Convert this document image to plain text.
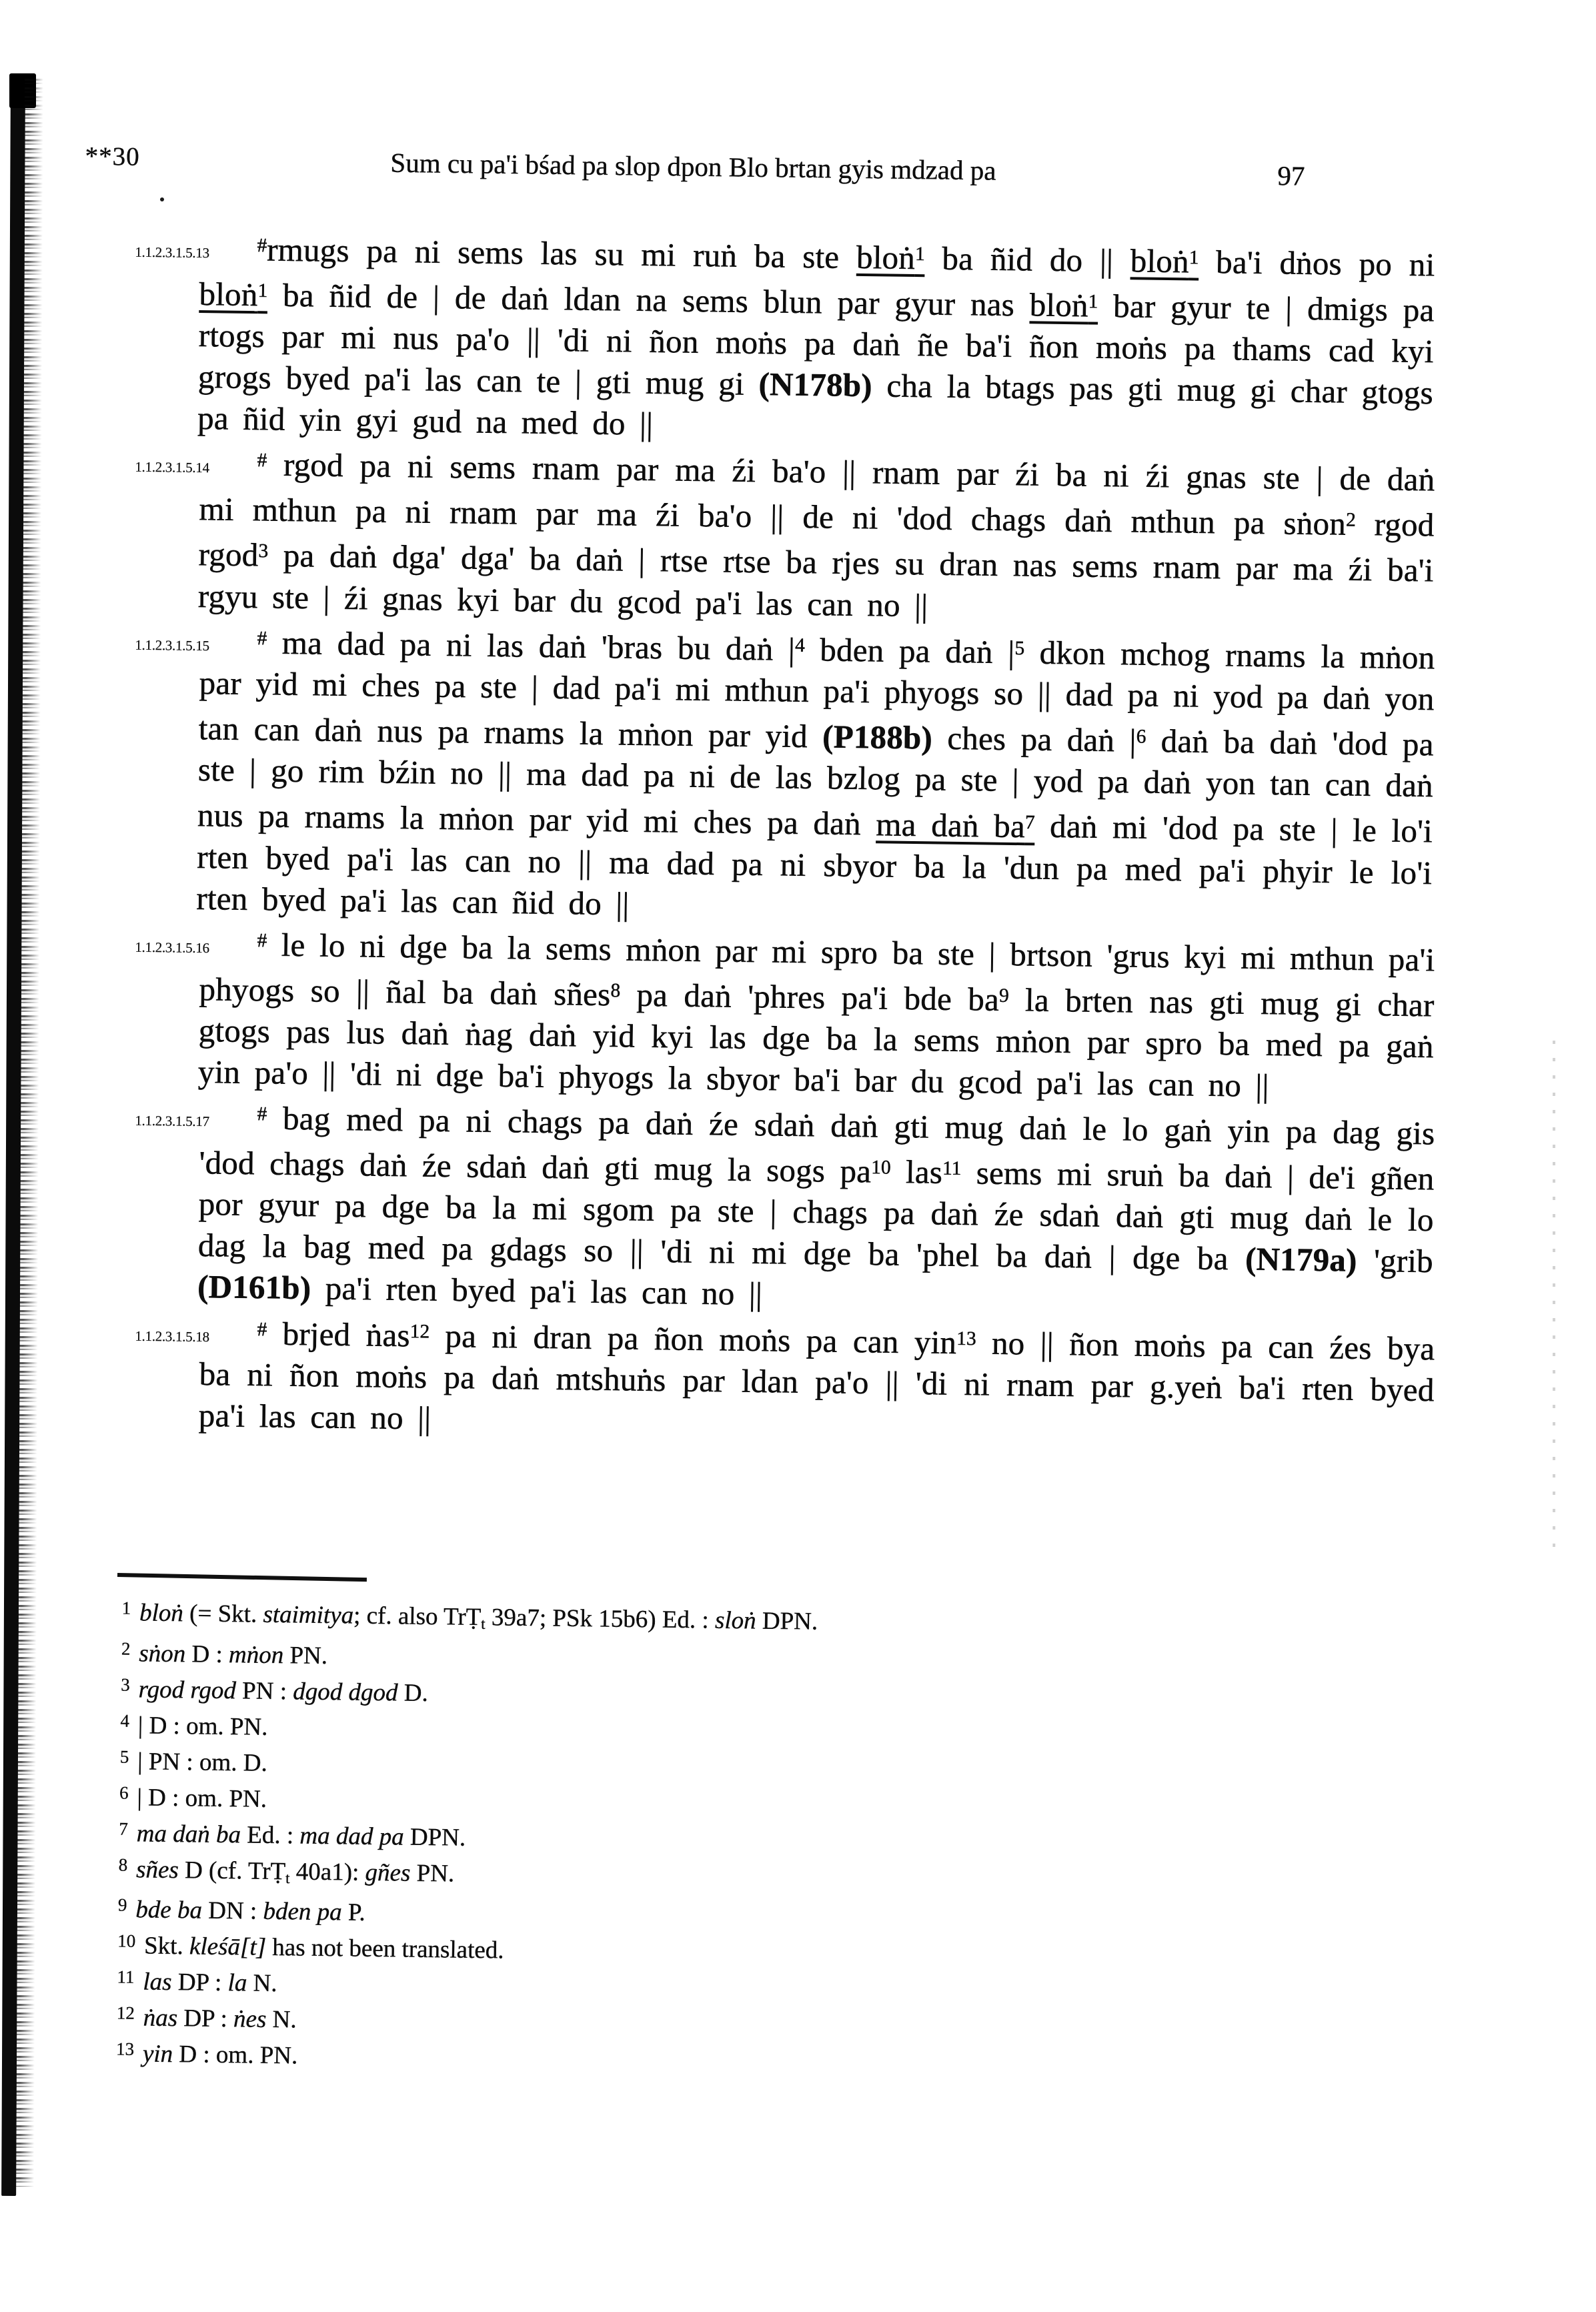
**30	Sum cu pa'i bśad pa slop dpon Blo brtan gyis mdzad pa	97
1.1.2.3.1.5.13 #rmugs pa ni sems las su mi ruṅ ba ste bloṅ$^1$ ba ñid do || bloṅ$^1$ ba'i dṅos po ni bloṅ$^1$ ba ñid de | de daṅ ldan na sems blun par gyur nas bloṅ$^1$ bar gyur te | dmigs pa rtogs par mi nus pa'o || 'di ni ñon moṅs pa daṅ ñe ba'i ñon moṅs pa thams cad kyi grogs byed pa'i las can te | gti mug gi (N178b) cha la btags pas gti mug gi char gtogs pa ñid yin gyi gud na med do ||
1.1.2.3.1.5.14 # rgod pa ni sems rnam par ma źi ba'o || rnam par źi ba ni źi gnas ste | de daṅ mi mthun pa ni rnam par ma źi ba'o || de ni 'dod chags daṅ mthun pa sṅon$^2$ rgod rgod$^3$ pa daṅ dga' dga' ba daṅ | rtse rtse ba rjes su dran nas sems rnam par ma źi ba'i rgyu ste | źi gnas kyi bar du gcod pa'i las can no ||
1.1.2.3.1.5.15 # ma dad pa ni las daṅ 'bras bu daṅ $|^4$ bden pa daṅ $|^5$ dkon mchog rnams la mṅon par yid mi ches pa ste | dad pa'i mi mthun pa'i phyogs so || dad pa ni yod pa daṅ yon tan can daṅ nus pa rnams la mṅon par yid (P188b) ches pa daṅ $|^6$ daṅ ba daṅ 'dod pa ste | go rim bźin no || ma dad pa ni de las bzlog pa ste | yod pa daṅ yon tan can daṅ nus pa rnams la mṅon par yid mi ches pa daṅ ma daṅ $ba^7$ daṅ mi 'dod pa ste | le lo'i rten byed pa'i las can no || ma dad pa ni sbyor ba la 'dun pa med pa'i phyir le lo'i rten byed pa'i las can ñid do ||
1.1.2.3.1.5.16 # le lo ni dge ba la sems mṅon par mi spro ba ste | brtson 'grus kyi mi mthun pa'i phyogs so || ñal ba daṅ sñes$^8$ pa daṅ 'phres pa'i bde $ba^9$ la brten nas gti mug gi char gtogs pas lus daṅ ṅag daṅ yid kyi las dge ba la sems mṅon par spro ba med pa gaṅ yin pa'o || 'di ni dge ba'i phyogs la sbyor ba'i bar du gcod pa'i las can no ||
1.1.2.3.1.5.17 # bag med pa ni chags pa daṅ źe sdaṅ daṅ gti mug daṅ le lo gaṅ yin pa dag gis 'dod chags daṅ źe sdaṅ daṅ gti mug la sogs $pa^{10}$ las$^{11}$ sems mi sruṅ ba daṅ | de'i gñen por gyur pa dge ba la mi sgom pa ste | chags pa daṅ źe sdaṅ daṅ gti mug daṅ le lo dag la bag med pa gdags so || 'di ni mi dge ba 'phel ba daṅ | dge ba (N179a) 'grib (D161b) pa'i rten byed pa'i las can no ||
1.1.2.3.1.5.18 # brjed ṅas$^{12}$ pa ni dran pa ñon moṅs pa can yin$^{13}$ no || ñon moṅs pa can źes bya ba ni ñon moṅs pa daṅ mtshuṅs par ldan pa'o || 'di ni rnam par g.yeṅ ba'i rten byed pa'i las can no ||
1 bloṅ (= Skt. staimitya; cf. also TrṬt 39a7; PSk 15b6) Ed. : sloṅ DPN.
2 sṅon D : mṅon PN.
3 rgod rgod PN : dgod dgod D.
4 | D : om. PN.
5 | PN : om. D.
6 | D : om. PN.
7 ma daṅ ba Ed. : ma dad pa DPN.
8 sñes D (cf. TrṬt 40a1): gñes PN.
9 bde ba DN : bden pa P.
10 Skt. kleśā[t] has not been translated.
11 las DP : la N.
12 ṅas DP : ṅes N.
13 yin D : om. PN.
